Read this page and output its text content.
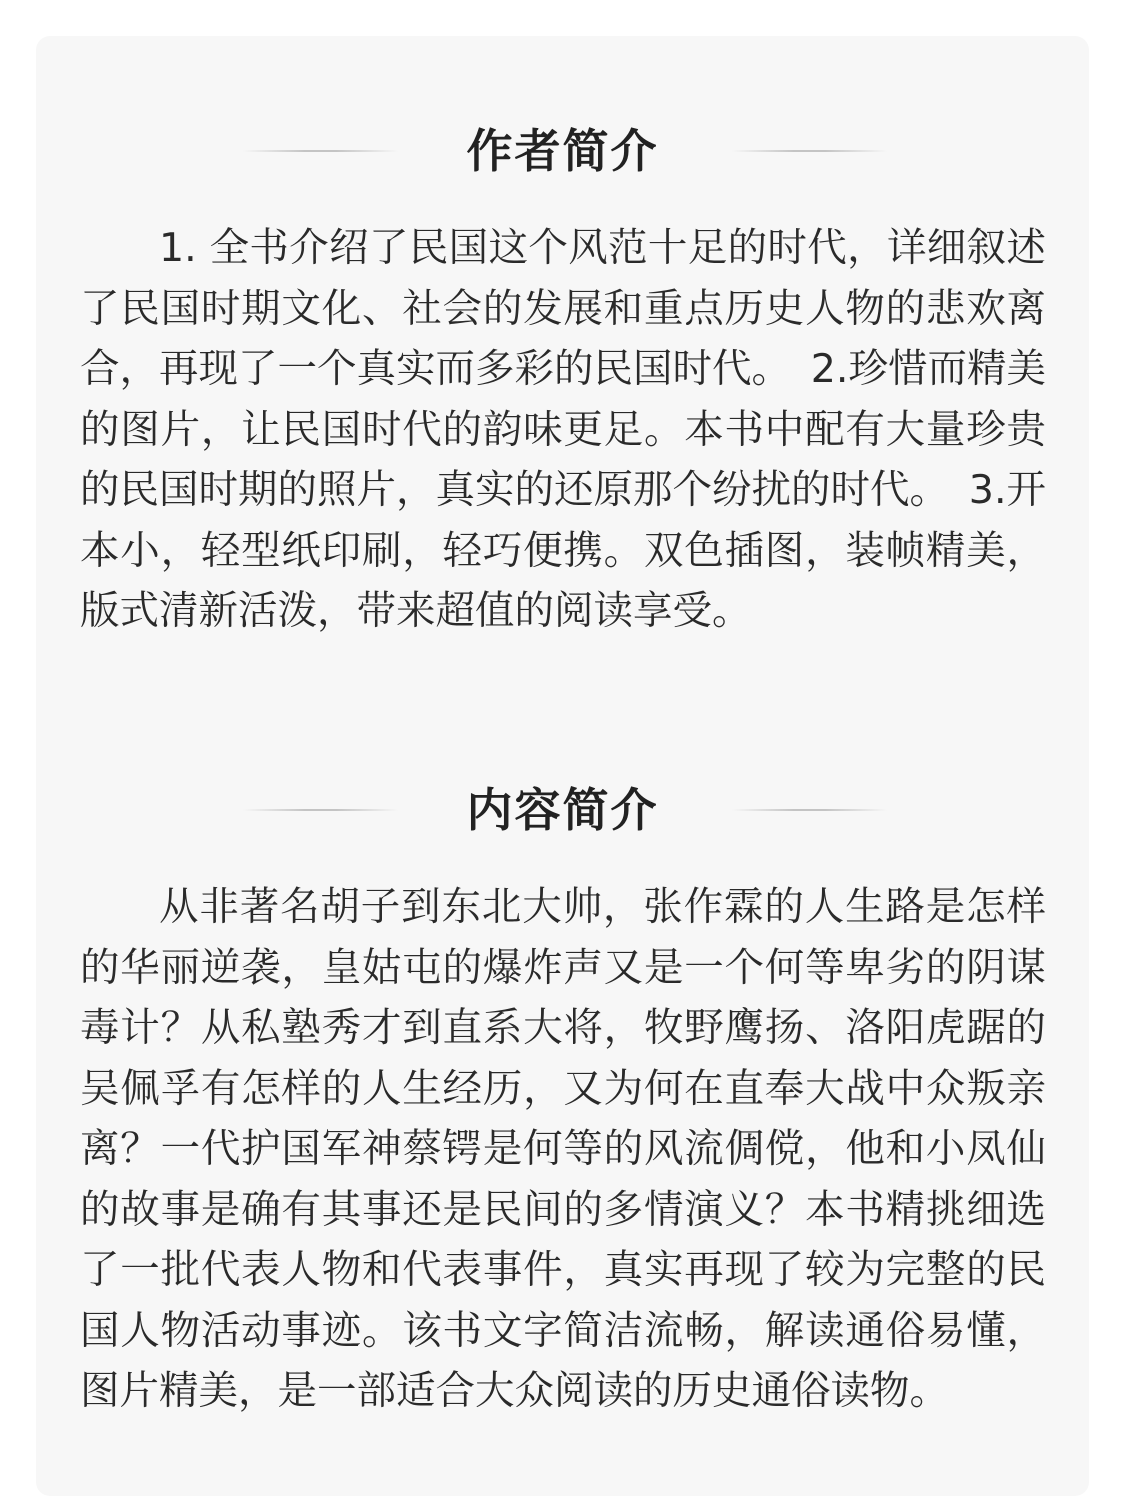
作者简介

1. 全书介绍了民国这个风范十足的时代，详细叙述了民国时期文化、社会的发展和重点历史人物的悲欢离合，再现了一个真实而多彩的民国时代。　2.珍惜而精美的图片，让民国时代的韵味更足。本书中配有大量珍贵的民国时期的照片，真实的还原那个纷扰的时代。　3.开本小，轻型纸印刷，轻巧便携。双色插图，装帧精美，版式清新活泼，带来超值的阅读享受。

内容简介

从非著名胡子到东北大帅，张作霖的人生路是怎样的华丽逆袭，皇姑屯的爆炸声又是一个何等卑劣的阴谋毒计？从私塾秀才到直系大将，牧野鹰扬、洛阳虎踞的吴佩孚有怎样的人生经历，又为何在直奉大战中众叛亲离？一代护国军神蔡锷是何等的风流倜傥，他和小凤仙的故事是确有其事还是民间的多情演义？本书精挑细选了一批代表人物和代表事件，真实再现了较为完整的民国人物活动事迹。该书文字简洁流畅，解读通俗易懂，图片精美，是一部适合大众阅读的历史通俗读物。
